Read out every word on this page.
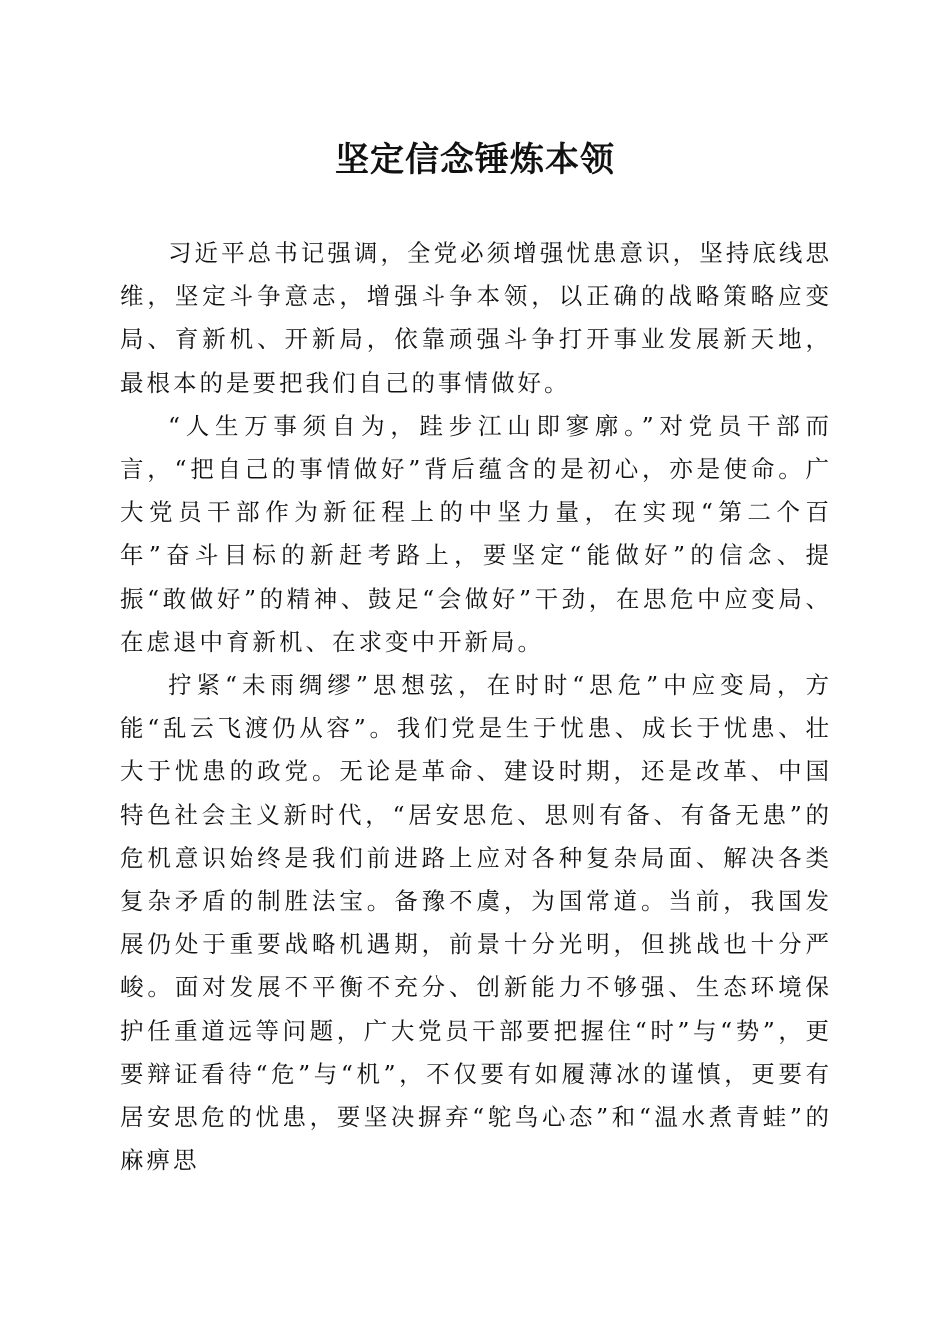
坚定信念锤炼本领

习近平总书记强调，全党必须增强忧患意识，坚持底线思维，坚定斗争意志，增强斗争本领，以正确的战略策略应变局、育新机、开新局，依靠顽强斗争打开事业发展新天地，最根本的是要把我们自己的事情做好。

“人生万事须自为，跬步江山即寥廓。”对党员干部而言，“把自己的事情做好”背后蕴含的是初心，亦是使命。广大党员干部作为新征程上的中坚力量，在实现“第二个百年”奋斗目标的新赶考路上，要坚定“能做好”的信念、提振“敢做好”的精神、鼓足“会做好”干劲，在思危中应变局、在虑退中育新机、在求变中开新局。

拧紧“未雨绸缪”思想弦，在时时“思危”中应变局，方能“乱云飞渡仍从容”。我们党是生于忧患、成长于忧患、壮大于忧患的政党。无论是革命、建设时期，还是改革、中国特色社会主义新时代，“居安思危、思则有备、有备无患”的危机意识始终是我们前进路上应对各种复杂局面、解决各类复杂矛盾的制胜法宝。备豫不虞，为国常道。当前，我国发展仍处于重要战略机遇期，前景十分光明，但挑战也十分严峻。面对发展不平衡不充分、创新能力不够强、生态环境保护任重道远等问题，广大党员干部要把握住“时”与“势”，更要辩证看待“危”与“机”，不仅要有如履薄冰的谨慎，更要有居安思危的忧患，要坚决摒弃“鸵鸟心态”和“温水煮青蛙”的麻痹思
